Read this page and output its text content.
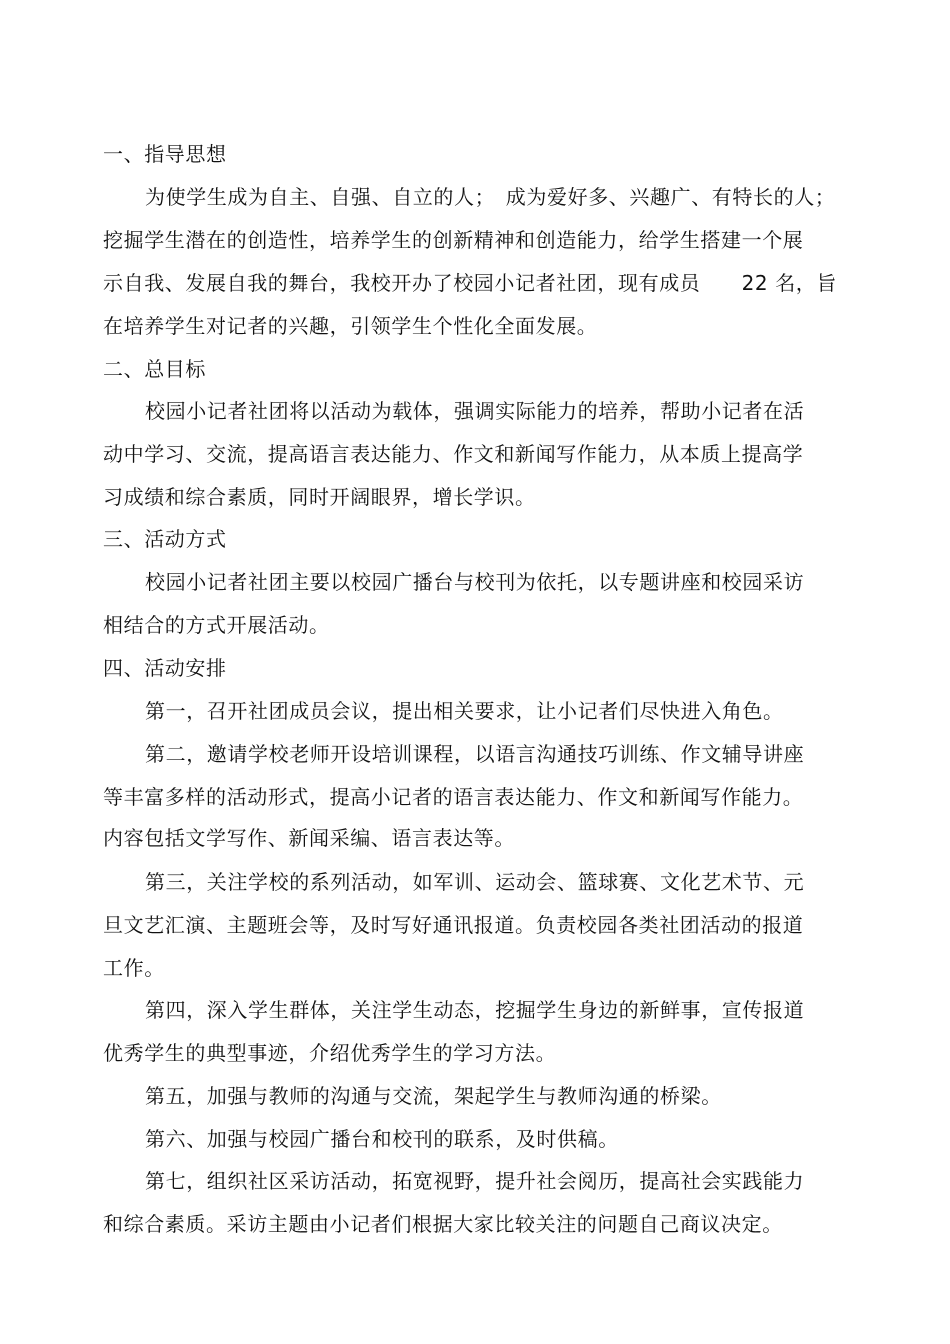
一、指导思想
为使学生成为自主、自强、自立的人；　成为爱好多、兴趣广、有特长的人；
挖掘学生潜在的创造性，培养学生的创新精神和创造能力，给学生搭建一个展
示自我、发展自我的舞台，我校开办了校园小记者社团，现有成员　　22 名，旨
在培养学生对记者的兴趣，引领学生个性化全面发展。
二、总目标
校园小记者社团将以活动为载体，强调实际能力的培养，帮助小记者在活
动中学习、交流，提高语言表达能力、作文和新闻写作能力，从本质上提高学
习成绩和综合素质，同时开阔眼界，增长学识。
三、活动方式
校园小记者社团主要以校园广播台与校刊为依托，以专题讲座和校园采访
相结合的方式开展活动。
四、活动安排
第一，召开社团成员会议，提出相关要求，让小记者们尽快进入角色。
第二，邀请学校老师开设培训课程，以语言沟通技巧训练、作文辅导讲座
等丰富多样的活动形式，提高小记者的语言表达能力、作文和新闻写作能力。
内容包括文学写作、新闻采编、语言表达等。
第三，关注学校的系列活动，如军训、运动会、篮球赛、文化艺术节、元
旦文艺汇演、主题班会等，及时写好通讯报道。负责校园各类社团活动的报道
工作。
第四，深入学生群体，关注学生动态，挖掘学生身边的新鲜事，宣传报道
优秀学生的典型事迹，介绍优秀学生的学习方法。
第五，加强与教师的沟通与交流，架起学生与教师沟通的桥梁。
第六、加强与校园广播台和校刊的联系，及时供稿。
第七，组织社区采访活动，拓宽视野，提升社会阅历，提高社会实践能力
和综合素质。采访主题由小记者们根据大家比较关注的问题自己商议决定。
